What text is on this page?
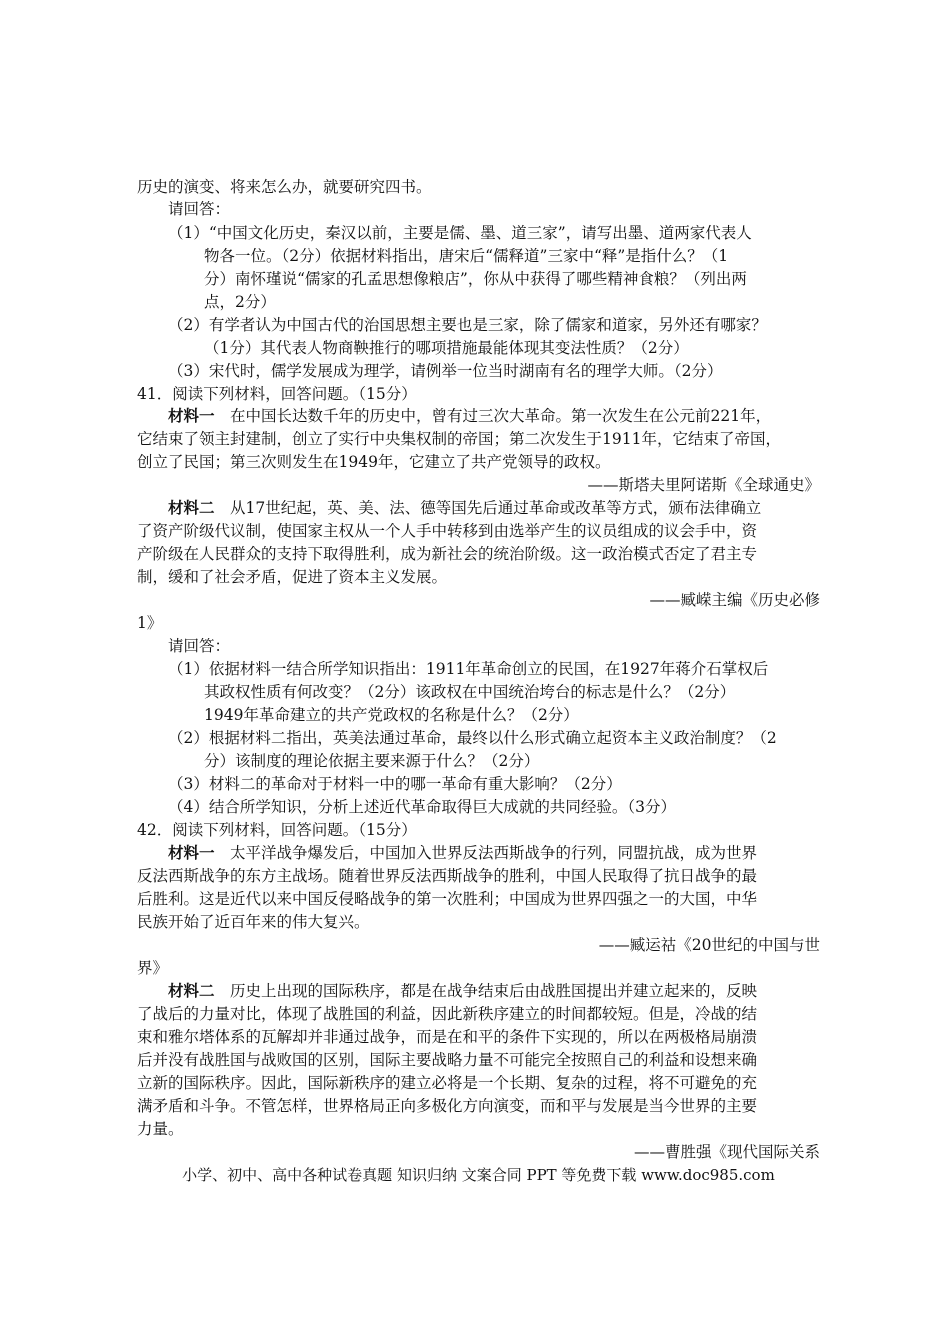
历史的演变、将来怎么办，就要研究四书。
请回答：
（1）“中国文化历史，秦汉以前，主要是儒、墨、道三家”，请写出墨、道两家代表人
物各一位。（2分）依据材料指出，唐宋后“儒释道”三家中“释”是指什么？（1
分）南怀瑾说“儒家的孔孟思想像粮店”，你从中获得了哪些精神食粮？（列出两
点，2分）
（2）有学者认为中国古代的治国思想主要也是三家，除了儒家和道家，另外还有哪家？
（1分）其代表人物商鞅推行的哪项措施最能体现其变法性质？（2分）
（3）宋代时，儒学发展成为理学，请例举一位当时湖南有名的理学大师。（2分）
41．阅读下列材料，回答问题。（15分）
材料一　在中国长达数千年的历史中，曾有过三次大革命。第一次发生在公元前221年，
它结束了领主封建制，创立了实行中央集权制的帝国；第二次发生于1911年，它结束了帝国，
创立了民国；第三次则发生在1949年，它建立了共产党领导的政权。
——斯塔夫里阿诺斯《全球通史》
材料二　从17世纪起，英、美、法、德等国先后通过革命或改革等方式，颁布法律确立
了资产阶级代议制，使国家主权从一个人手中转移到由选举产生的议员组成的议会手中，资
产阶级在人民群众的支持下取得胜利，成为新社会的统治阶级。这一政治模式否定了君主专
制，缓和了社会矛盾，促进了资本主义发展。
——臧嵘主编《历史必修
1》
请回答：
（1）依据材料一结合所学知识指出：1911年革命创立的民国，在1927年蒋介石掌权后
其政权性质有何改变？（2分）该政权在中国统治垮台的标志是什么？（2分）
1949年革命建立的共产党政权的名称是什么？（2分）
（2）根据材料二指出，英美法通过革命，最终以什么形式确立起资本主义政治制度？（2
分）该制度的理论依据主要来源于什么？（2分）
（3）材料二的革命对于材料一中的哪一革命有重大影响？（2分）
（4）结合所学知识，分析上述近代革命取得巨大成就的共同经验。（3分）
42．阅读下列材料，回答问题。（15分）
材料一　太平洋战争爆发后，中国加入世界反法西斯战争的行列，同盟抗战，成为世界
反法西斯战争的东方主战场。随着世界反法西斯战争的胜利，中国人民取得了抗日战争的最
后胜利。这是近代以来中国反侵略战争的第一次胜利；中国成为世界四强之一的大国，中华
民族开始了近百年来的伟大复兴。
——臧运祜《20世纪的中国与世
界》
材料二　历史上出现的国际秩序，都是在战争结束后由战胜国提出并建立起来的，反映
了战后的力量对比，体现了战胜国的利益，因此新秩序建立的时间都较短。但是，冷战的结
束和雅尔塔体系的瓦解却并非通过战争，而是在和平的条件下实现的，所以在两极格局崩溃
后并没有战胜国与战败国的区别，国际主要战略力量不可能完全按照自己的利益和设想来确
立新的国际秩序。因此，国际新秩序的建立必将是一个长期、复杂的过程，将不可避免的充
满矛盾和斗争。不管怎样，世界格局正向多极化方向演变，而和平与发展是当今世界的主要
力量。
——曹胜强《现代国际关系
小学、初中、高中各种试卷真题 知识归纳 文案合同 PPT 等免费下载 www.doc985.com
